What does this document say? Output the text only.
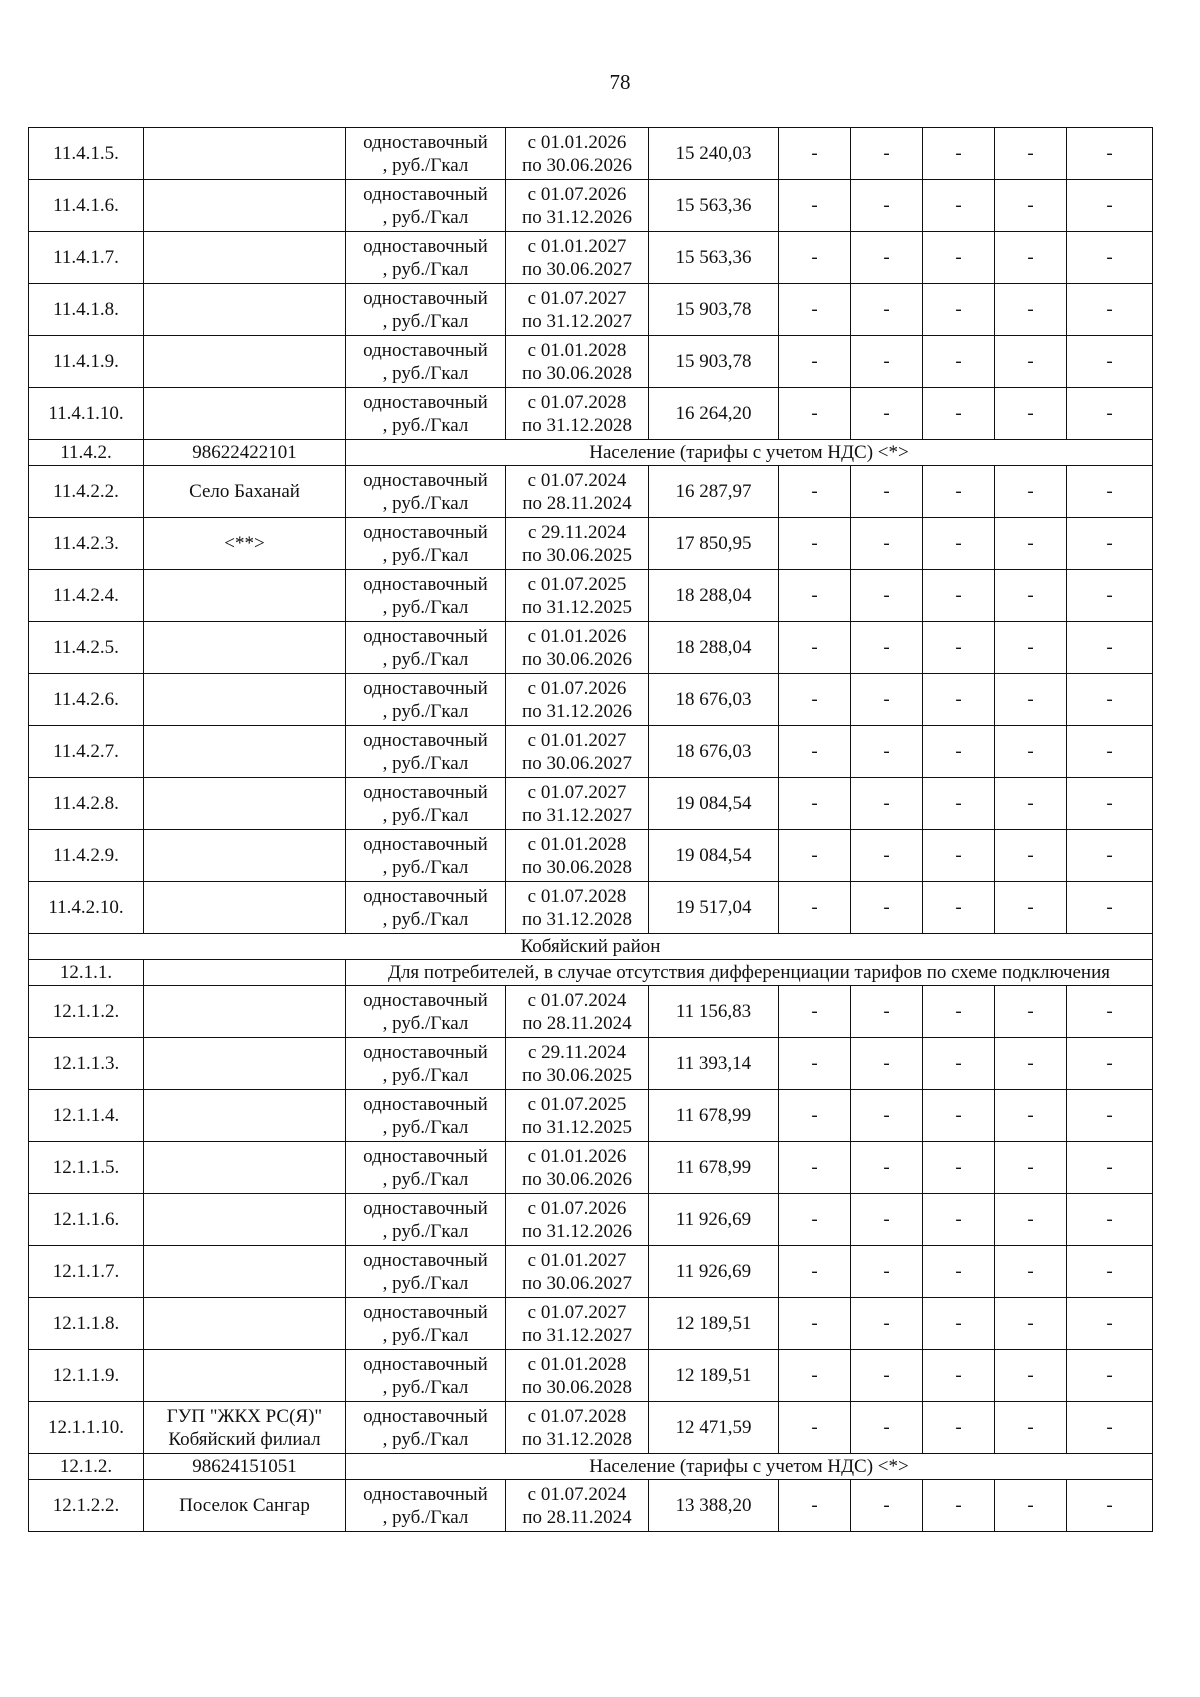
78
11.4.1.5.		одноставочный
, руб./Гкал	с 01.01.2026
по 30.06.2026	15 240,03	-	-	-	-	-
11.4.1.6.		одноставочный
, руб./Гкал	с 01.07.2026
по 31.12.2026	15 563,36	-	-	-	-	-
11.4.1.7.		одноставочный
, руб./Гкал	с 01.01.2027
по 30.06.2027	15 563,36	-	-	-	-	-
11.4.1.8.		одноставочный
, руб./Гкал	с 01.07.2027
по 31.12.2027	15 903,78	-	-	-	-	-
11.4.1.9.		одноставочный
, руб./Гкал	с 01.01.2028
по 30.06.2028	15 903,78	-	-	-	-	-
11.4.1.10.		одноставочный
, руб./Гкал	с 01.07.2028
по 31.12.2028	16 264,20	-	-	-	-	-
11.4.2.	98622422101	Население (тарифы с учетом НДС) <*>							
11.4.2.2.	Село Баханай	одноставочный
, руб./Гкал	с 01.07.2024
по 28.11.2024	16 287,97	-	-	-	-	-
11.4.2.3.	<**>	одноставочный
, руб./Гкал	с 29.11.2024
по 30.06.2025	17 850,95	-	-	-	-	-
11.4.2.4.		одноставочный
, руб./Гкал	с 01.07.2025
по 31.12.2025	18 288,04	-	-	-	-	-
11.4.2.5.		одноставочный
, руб./Гкал	с 01.01.2026
по 30.06.2026	18 288,04	-	-	-	-	-
11.4.2.6.		одноставочный
, руб./Гкал	с 01.07.2026
по 31.12.2026	18 676,03	-	-	-	-	-
11.4.2.7.		одноставочный
, руб./Гкал	с 01.01.2027
по 30.06.2027	18 676,03	-	-	-	-	-
11.4.2.8.		одноставочный
, руб./Гкал	с 01.07.2027
по 31.12.2027	19 084,54	-	-	-	-	-
11.4.2.9.		одноставочный
, руб./Гкал	с 01.01.2028
по 30.06.2028	19 084,54	-	-	-	-	-
11.4.2.10.		одноставочный
, руб./Гкал	с 01.07.2028
по 31.12.2028	19 517,04	-	-	-	-	-
Кобяйский район									
12.1.1.		Для потребителей, в случае отсутствия дифференциации тарифов по схеме подключения							
12.1.1.2.		одноставочный
, руб./Гкал	с 01.07.2024
по 28.11.2024	11 156,83	-	-	-	-	-
12.1.1.3.		одноставочный
, руб./Гкал	с 29.11.2024
по 30.06.2025	11 393,14	-	-	-	-	-
12.1.1.4.		одноставочный
, руб./Гкал	с 01.07.2025
по 31.12.2025	11 678,99	-	-	-	-	-
12.1.1.5.		одноставочный
, руб./Гкал	с 01.01.2026
по 30.06.2026	11 678,99	-	-	-	-	-
12.1.1.6.		одноставочный
, руб./Гкал	с 01.07.2026
по 31.12.2026	11 926,69	-	-	-	-	-
12.1.1.7.		одноставочный
, руб./Гкал	с 01.01.2027
по 30.06.2027	11 926,69	-	-	-	-	-
12.1.1.8.		одноставочный
, руб./Гкал	с 01.07.2027
по 31.12.2027	12 189,51	-	-	-	-	-
12.1.1.9.		одноставочный
, руб./Гкал	с 01.01.2028
по 30.06.2028	12 189,51	-	-	-	-	-
12.1.1.10.	ГУП "ЖКХ РС(Я)"
Кобяйский филиал	одноставочный
, руб./Гкал	с 01.07.2028
по 31.12.2028	12 471,59	-	-	-	-	-
12.1.2.	98624151051	Население (тарифы с учетом НДС) <*>							
12.1.2.2.	Поселок Сангар	одноставочный
, руб./Гкал	с 01.07.2024
по 28.11.2024	13 388,20	-	-	-	-	-
